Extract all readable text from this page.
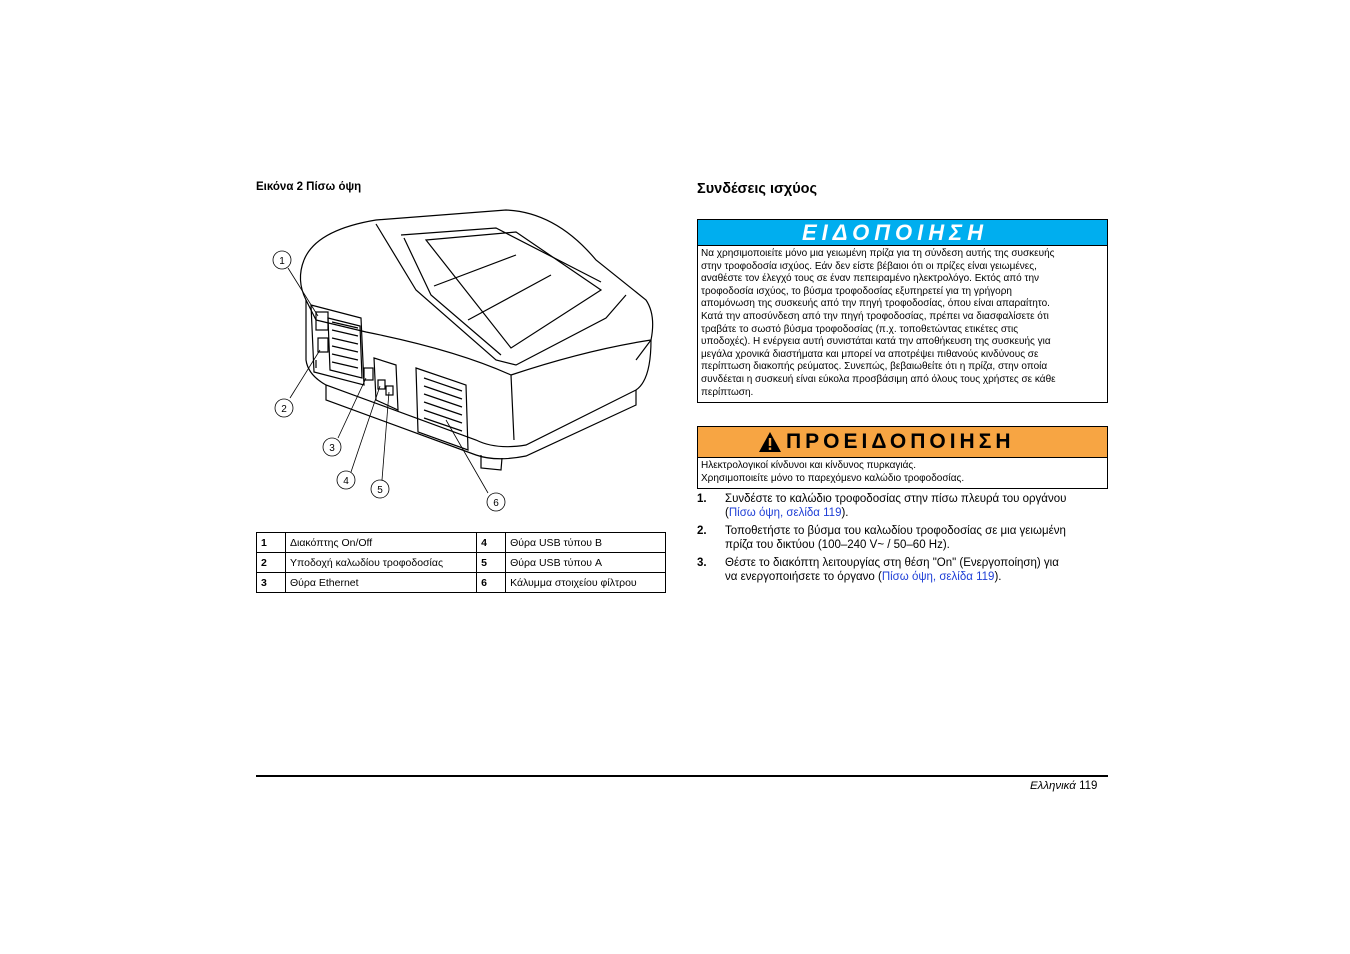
Εικόνα 2 Πίσω όψη
1
2
3
4
5
6
1	Διακόπτης On/Off	4	Θύρα USB τύπου B
2	Υποδοχή καλωδίου τροφοδοσίας	5	Θύρα USB τύπου A
3	Θύρα Ethernet	6	Κάλυμμα στοιχείου φίλτρου
Συνδέσεις ισχύος
ΕΙΔΟΠΟΙΗΣΗ
Να χρησιμοποιείτε μόνο μια γειωμένη πρίζα για τη σύνδεση αυτής της συσκευής
στην τροφοδοσία ισχύος. Εάν δεν είστε βέβαιοι ότι οι πρίζες είναι γειωμένες,
αναθέστε τον έλεγχό τους σε έναν πεπειραμένο ηλεκτρολόγο. Εκτός από την
τροφοδοσία ισχύος, το βύσμα τροφοδοσίας εξυπηρετεί για τη γρήγορη
απομόνωση της συσκευής από την πηγή τροφοδοσίας, όπου είναι απαραίτητο.
Κατά την αποσύνδεση από την πηγή τροφοδοσίας, πρέπει να διασφαλίσετε ότι
τραβάτε το σωστό βύσμα τροφοδοσίας (π.χ. τοποθετώντας ετικέτες στις
υποδοχές). Η ενέργεια αυτή συνιστάται κατά την αποθήκευση της συσκευής για
μεγάλα χρονικά διαστήματα και μπορεί να αποτρέψει πιθανούς κινδύνους σε
περίπτωση διακοπής ρεύματος. Συνεπώς, βεβαιωθείτε ότι η πρίζα, στην οποία
συνδέεται η συσκευή είναι εύκολα προσβάσιμη από όλους τους χρήστες σε κάθε
περίπτωση.
ΠΡΟΕΙΔΟΠΟΙΗΣΗ
Ηλεκτρολογικοί κίνδυνοι και κίνδυνος πυρκαγιάς.
Χρησιμοποιείτε μόνο το παρεχόμενο καλώδιο τροφοδοσίας.
1. Συνδέστε το καλώδιο τροφοδοσίας στην πίσω πλευρά του οργάνου
(Πίσω όψη, σελίδα 119).
2. Τοποθετήστε το βύσμα του καλωδίου τροφοδοσίας σε μια γειωμένη
πρίζα του δικτύου (100–240 V~ / 50–60 Hz).
3. Θέστε το διακόπτη λειτουργίας στη θέση "On" (Ενεργοποίηση) για
να ενεργοποιήσετε το όργανο (Πίσω όψη, σελίδα 119).
Ελληνικά 119
